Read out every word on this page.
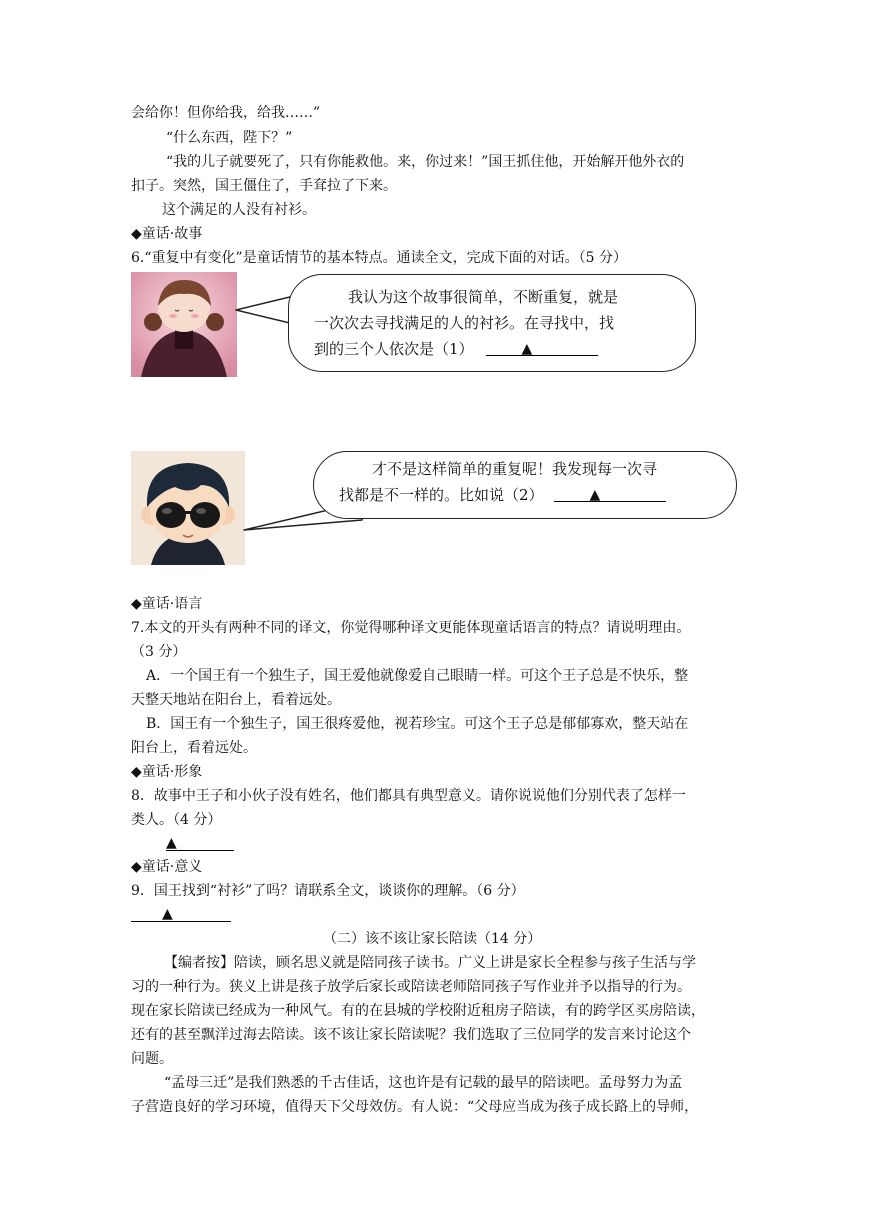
会给你！但你给我，给我……”
“什么东西，陛下？”
“我的儿子就要死了，只有你能救他。来，你过来！”国王抓住他，开始解开他外衣的
扣子。突然，国王僵住了，手耷拉了下来。
这个满足的人没有衬衫。
◆童话·故事
6.“重复中有变化”是童话情节的基本特点。通读全文，完成下面的对话。（5 分）
我认为这个故事很简单，不断重复，就是
一次次去寻找满足的人的衬衫。在寻找中，找
到的三个人依次是（1）	▲
才不是这样简单的重复呢！我发现每一次寻
找都是不一样的。比如说（2）	▲
◆童话·语言
7.本文的开头有两种不同的译文，你觉得哪种译文更能体现童话语言的特点？请说明理由。
（3 分）
A．一个国王有一个独生子，国王爱他就像爱自己眼睛一样。可这个王子总是不快乐，整
天整天地站在阳台上，看着远处。
B．国王有一个独生子，国王很疼爱他，视若珍宝。可这个王子总是郁郁寡欢，整天站在
阳台上，看着远处。
◆童话·形象
8．故事中王子和小伙子没有姓名，他们都具有典型意义。请你说说他们分别代表了怎样一
类人。（4 分）
▲
◆童话·意义
9．国王找到“衬衫”了吗？请联系全文，谈谈你的理解。（6 分）
▲
（二）该不该让家长陪读（14 分）
【编者按】陪读，顾名思义就是陪同孩子读书。广义上讲是家长全程参与孩子生活与学
习的一种行为。狭义上讲是孩子放学后家长或陪读老师陪同孩子写作业并予以指导的行为。
现在家长陪读已经成为一种风气。有的在县城的学校附近租房子陪读，有的跨学区买房陪读，
还有的甚至飘洋过海去陪读。该不该让家长陪读呢？我们选取了三位同学的发言来讨论这个
问题。
“孟母三迁”是我们熟悉的千古佳话，这也许是有记载的最早的陪读吧。孟母努力为孟
子营造良好的学习环境，值得天下父母效仿。有人说：“父母应当成为孩子成长路上的导师，
